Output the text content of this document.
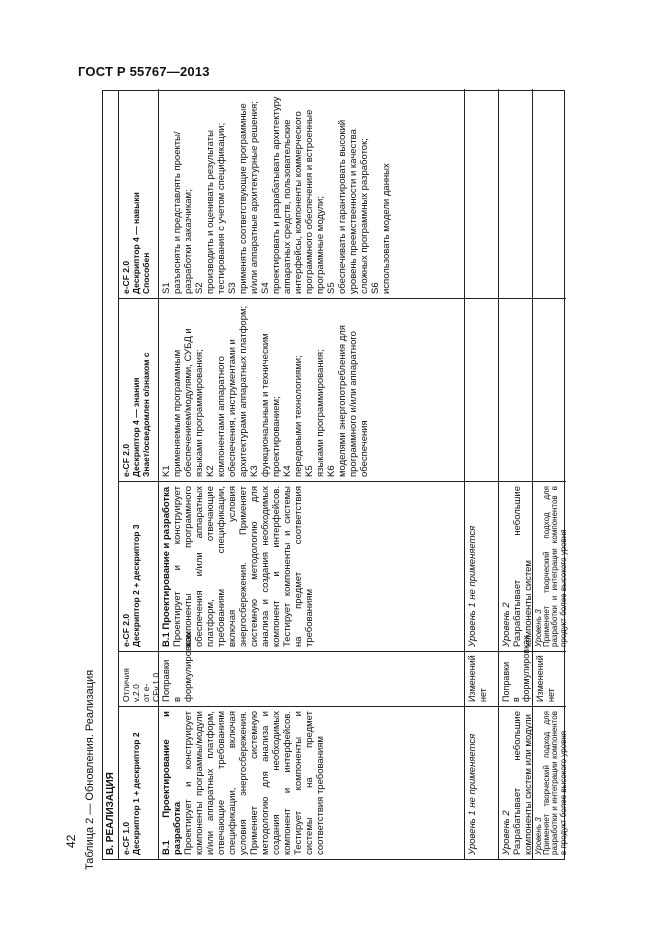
ГОСТ Р 55767—2013
42 Таблица 2 — Обновления. Реализация В. РЕАЛИЗАЦИЯ e-CF 1.0
Дескриптор 1 + дескриптор 2
Отличия v.2.0
от e-CFv.1.0
e-CF 2.0
Дескриптор 2 + дескриптор 3
e-CF 2.0
Дескриптор 4 — знания
Знает/осведомлен о/знаком с
e-CF 2.0
Дескриптор 4 — навыки
Способен
В.1 Проектирование и разработка Проектирует и конструирует компоненты программы/модули и/или аппаратных платформ, отвечающие требованиям спецификации, включая условия энергосбережения. Применяет системную методологию для анализа и создания необходимых компонент и интерфейсов. Тестирует компоненты и системы на предмет соответствия требованиям
Поправки в формулировках
В.1 Проектирование и разработка Проектирует и конструирует компоненты программного обеспечения и/или аппаратных платформ, отвечающие требованиям спецификации, включая условия энергосбережения. Применяет системную методологию для анализа и создания необходимых компонент и интерфейсов. Тестирует компоненты и системы на предмет соответствия требованиям
K1
применяемым программным обеспечением/модулями, СУБД и языками программирования;
K2
компонентами аппаратного обеспечения, инструментами и архитектурами аппаратных платформ;
K3
функциональным и техническим проектированием;
K4
передовыми технологиями;
K5
языками программирования;
K6
моделями энергопотребления для программного и/или аппаратного обеспечения
S1
разъяснять и представлять проекты/разработки заказчикам;
S2
производить и оценивать результаты тестирования с учетом спецификации;
S3
применять соответствующие программные и/или аппаратные архитектурные решения;
S4
проектировать и разрабатывать архитектуру аппаратных средств, пользовательские интерфейсы, компоненты коммерческого программного обеспечения и встроенные программные модули;
S5
обеспечивать и гарантировать высокий уровень преемственности и качества сложных программных разработок;
S6
использовать модели данных
Уровень 1 не применяется
Изменений нет
Уровень 1 не применяется
Уровень 2 Разрабатывает небольшие компоненты систем или модули
Поправки в формулировках
Уровень 2 Разрабатывает небольшие компоненты систем
Уровень 3 Применяет творческий подход для разработки и интеграции компонентов в продукт более высокого уровня
Изменений нет
Уровень 3 Применяет творческий подход для разработки и интеграции компонентов в продукт более высокого уровня
